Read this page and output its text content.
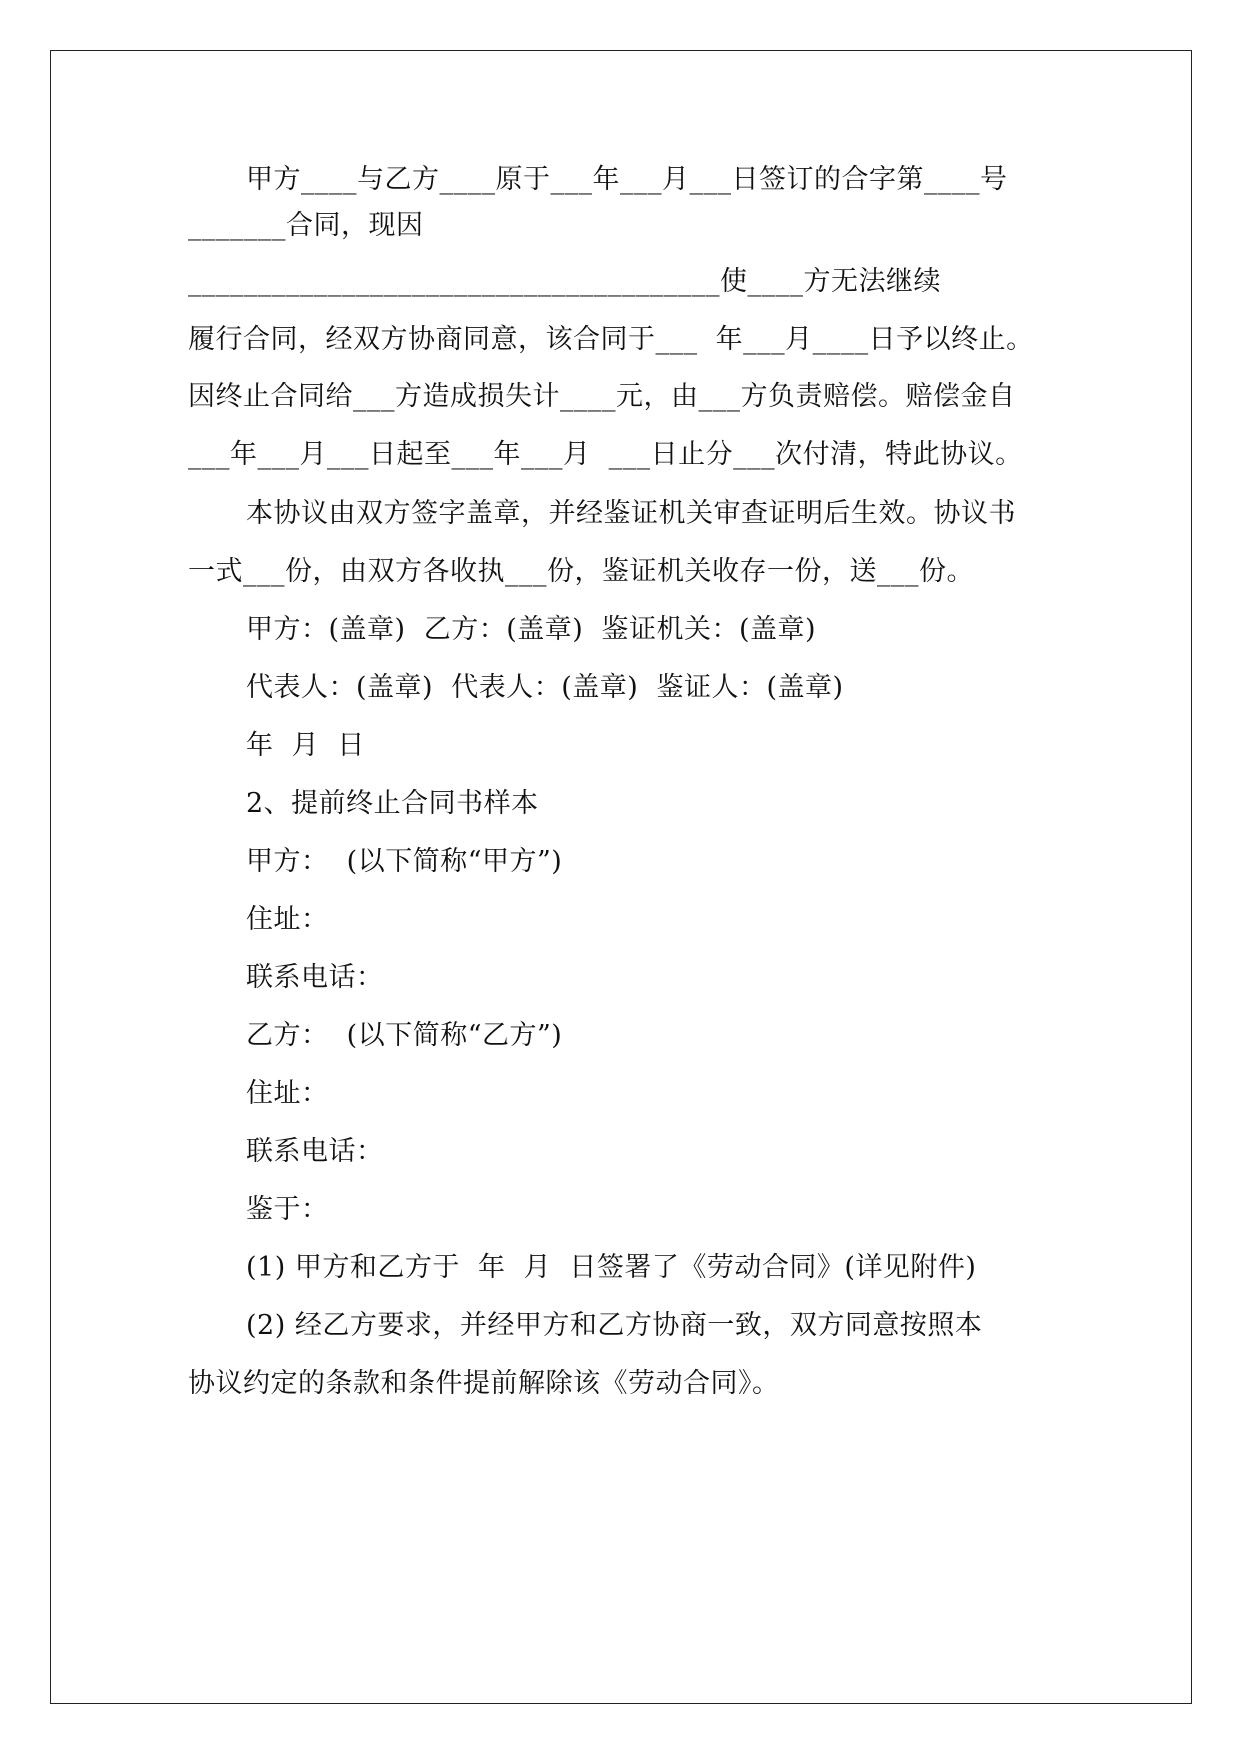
甲方____与乙方____原于___年___月___日签订的合字第____号
_______合同，现因
______________________________________使____方无法继续
履行合同，经双方协商同意，该合同于___  年___月____日予以终止。
因终止合同给___方造成损失计____元，由___方负责赔偿。赔偿金自
___年___月___日起至___年___月  ___日止分___次付清，特此协议。
本协议由双方签字盖章，并经鉴证机关审查证明后生效。协议书
一式___份，由双方各收执___份，鉴证机关收存一份，送___份。
甲方：(盖章)  乙方：(盖章)  鉴证机关：(盖章)
代表人：(盖章)  代表人：(盖章)  鉴证人：(盖章)
年  月  日
2、提前终止合同书样本
甲方：  (以下简称“甲方”)
住址：
联系电话：
乙方：  (以下简称“乙方”)
住址：
联系电话：
鉴于：
(1) 甲方和乙方于  年  月  日签署了《劳动合同》(详见附件)
(2) 经乙方要求，并经甲方和乙方协商一致，双方同意按照本
协议约定的条款和条件提前解除该《劳动合同》。
